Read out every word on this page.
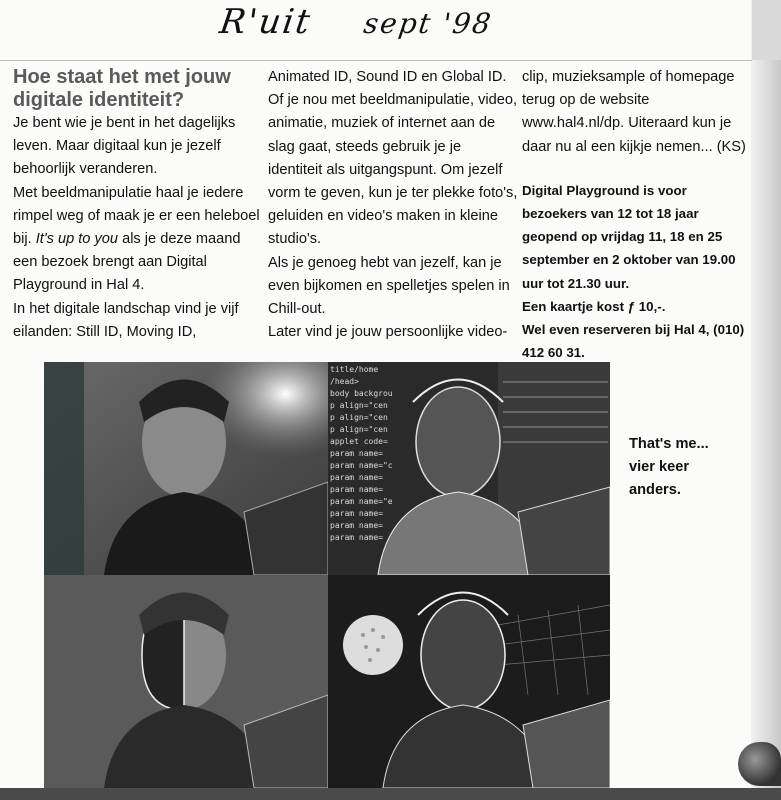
R'uit sept '98
Hoe staat het met jouw digitale identiteit?

Je bent wie je bent in het dagelijks leven. Maar digitaal kun je jezelf behoorlijk veranderen.

Met beeldmanipulatie haal je iedere rimpel weg of maak je er een heleboel bij. It's up to you als je deze maand een bezoek brengt aan Digital Playground in Hal 4.

In het digitale landschap vind je vijf eilanden: Still ID, Moving ID,

Animated ID, Sound ID en Global ID. Of je nou met beeldmanipulatie, video, animatie, muziek of internet aan de slag gaat, steeds gebruik je je identiteit als uitgangspunt. Om jezelf vorm te geven, kun je ter plekke foto's, geluiden en video's maken in kleine studio's.

Als je genoeg hebt van jezelf, kan je even bijkomen en spelletjes spelen in Chill-out.

Later vind je jouw persoonlijke video-

clip, muzieksample of homepage terug op de website www.hal4.nl/dp. Uiteraard kun je daar nu al een kijkje nemen... (KS)

Digital Playground is voor bezoekers van 12 tot 18 jaar geopend op vrijdag 11, 18 en 25 september en 2 oktober van 19.00 uur tot 21.30 uur.

Een kaartje kost ƒ 10,-.

Wel even reserveren bij Hal 4, (010) 412 60 31.

title/home
/head>
body backgrou
p align="cen
p align="cen
p align="cen
applet code=
param name=
param name="c
param name=
param name=
param name="e
param name=
param name=
param name=
That's me...
vier keer
anders.
